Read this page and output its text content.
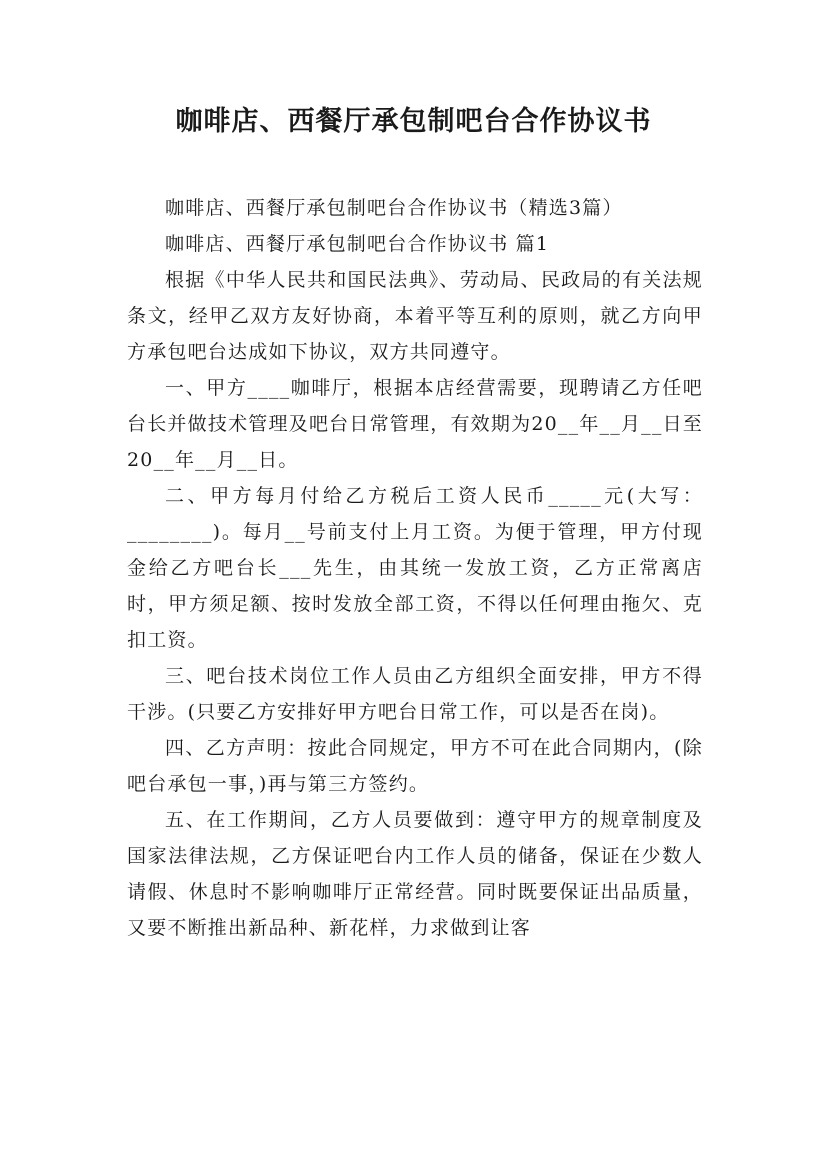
咖啡店、西餐厅承包制吧台合作协议书

咖啡店、西餐厅承包制吧台合作协议书（精选3篇）

咖啡店、西餐厅承包制吧台合作协议书 篇1

根据《中华人民共和国民法典》、劳动局、民政局的有关法规条文，经甲乙双方友好协商，本着平等互利的原则，就乙方向甲方承包吧台达成如下协议，双方共同遵守。

一、甲方____咖啡厅，根据本店经营需要，现聘请乙方任吧台长并做技术管理及吧台日常管理，有效期为20__年__月__日至20__年__月__日。

二、甲方每月付给乙方税后工资人民币_____元(大写：________)。每月__号前支付上月工资。为便于管理，甲方付现金给乙方吧台长___先生，由其统一发放工资，乙方正常离店时，甲方须足额、按时发放全部工资，不得以任何理由拖欠、克扣工资。

三、吧台技术岗位工作人员由乙方组织全面安排，甲方不得干涉。(只要乙方安排好甲方吧台日常工作，可以是否在岗)。

四、乙方声明：按此合同规定，甲方不可在此合同期内，(除吧台承包一事，)再与第三方签约。

五、在工作期间，乙方人员要做到：遵守甲方的规章制度及国家法律法规，乙方保证吧台内工作人员的储备，保证在少数人请假、休息时不影响咖啡厅正常经营。同时既要保证出品质量，又要不断推出新品种、新花样，力求做到让客
